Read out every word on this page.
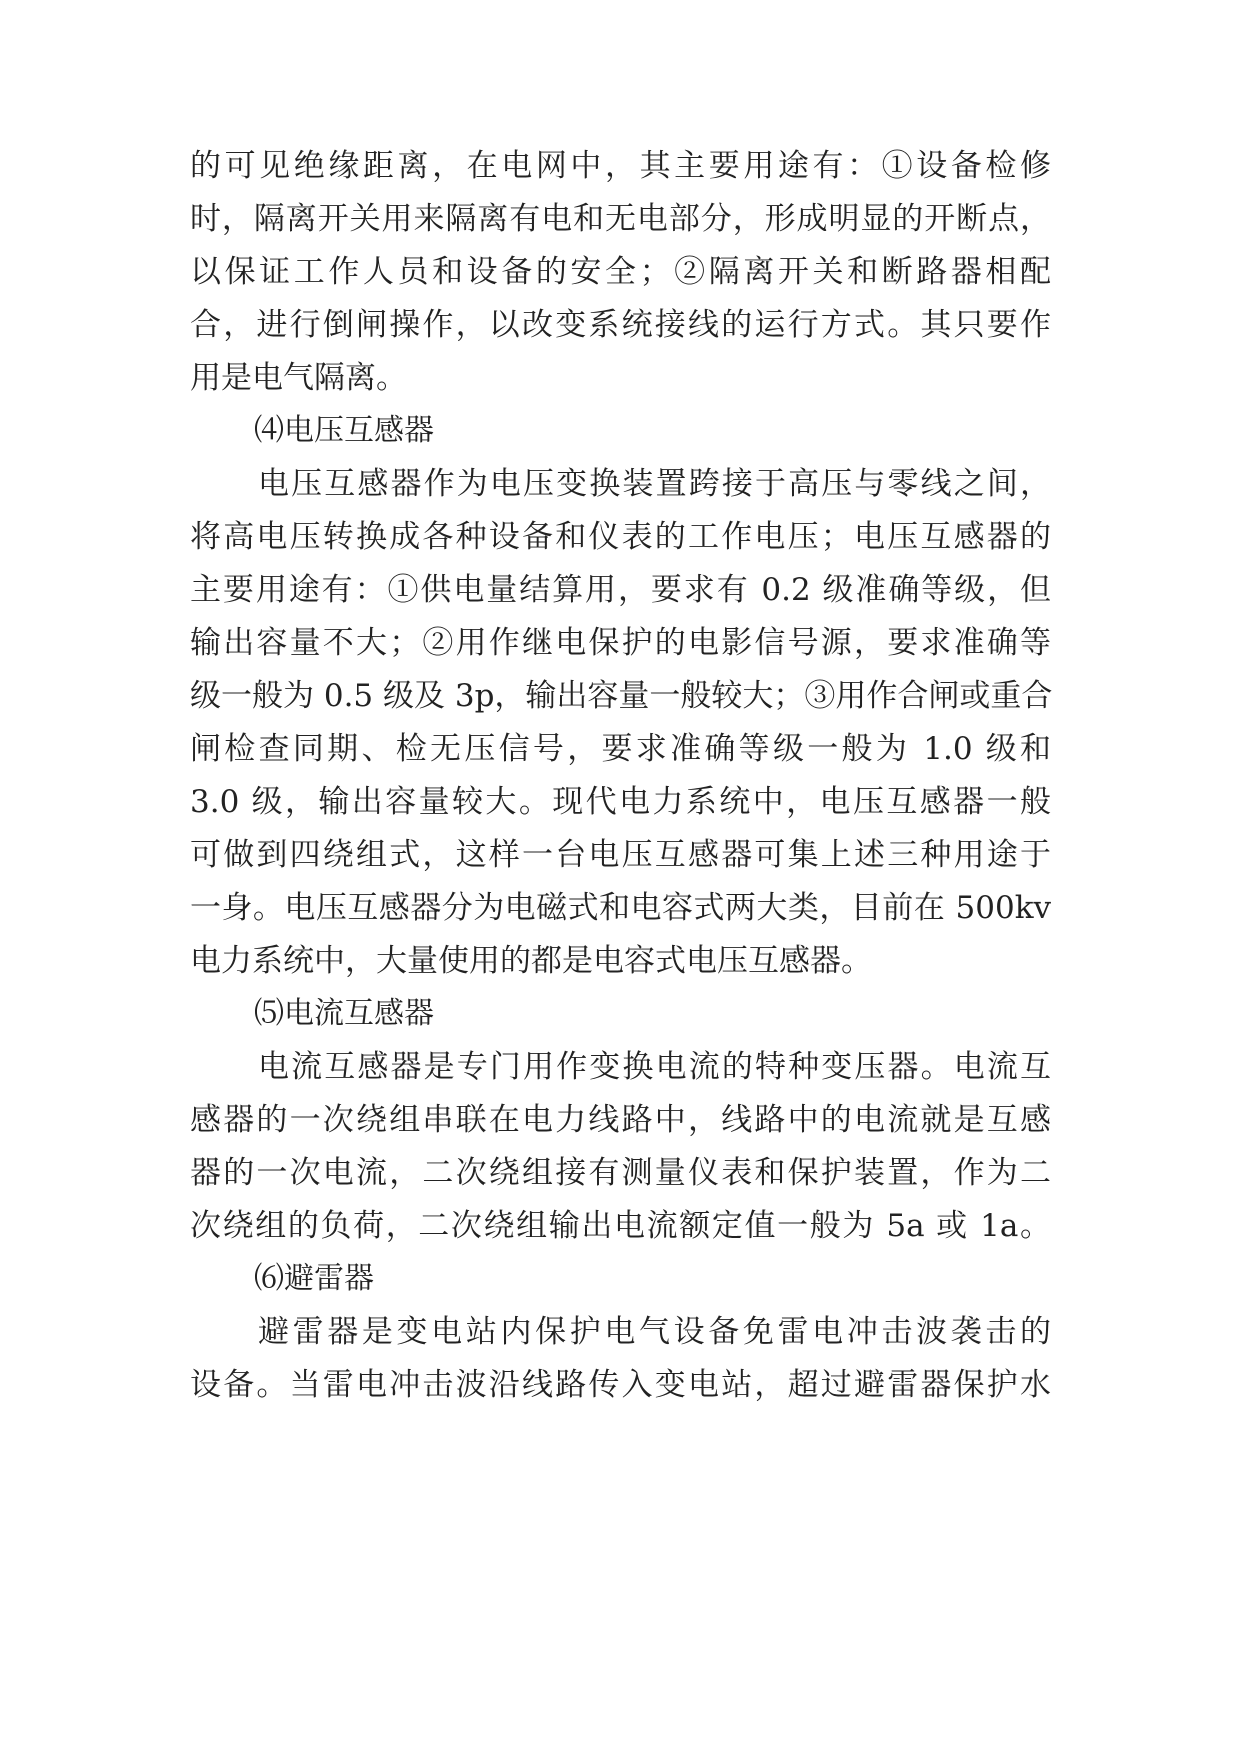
的可见绝缘距离，在电网中，其主要用途有：①设备检修
时，隔离开关用来隔离有电和无电部分，形成明显的开断点，
以保证工作人员和设备的安全；②隔离开关和断路器相配
合，进行倒闸操作，以改变系统接线的运行方式。其只要作
用是电气隔离。
⑷电压互感器
电压互感器作为电压变换装置跨接于高压与零线之间，
将高电压转换成各种设备和仪表的工作电压；电压互感器的
主要用途有：①供电量结算用，要求有 0.2 级准确等级，但
输出容量不大；②用作继电保护的电影信号源，要求准确等
级一般为 0.5 级及 3p，输出容量一般较大；③用作合闸或重合
闸检查同期、检无压信号，要求准确等级一般为 1.0 级和
3.0 级，输出容量较大。现代电力系统中，电压互感器一般
可做到四绕组式，这样一台电压互感器可集上述三种用途于
一身。电压互感器分为电磁式和电容式两大类，目前在 500kv
电力系统中，大量使用的都是电容式电压互感器。
⑸电流互感器
电流互感器是专门用作变换电流的特种变压器。电流互
感器的一次绕组串联在电力线路中，线路中的电流就是互感
器的一次电流，二次绕组接有测量仪表和保护装置，作为二
次绕组的负荷，二次绕组输出电流额定值一般为 5a 或 1a。
⑹避雷器
避雷器是变电站内保护电气设备免雷电冲击波袭击的
设备。当雷电冲击波沿线路传入变电站，超过避雷器保护水
